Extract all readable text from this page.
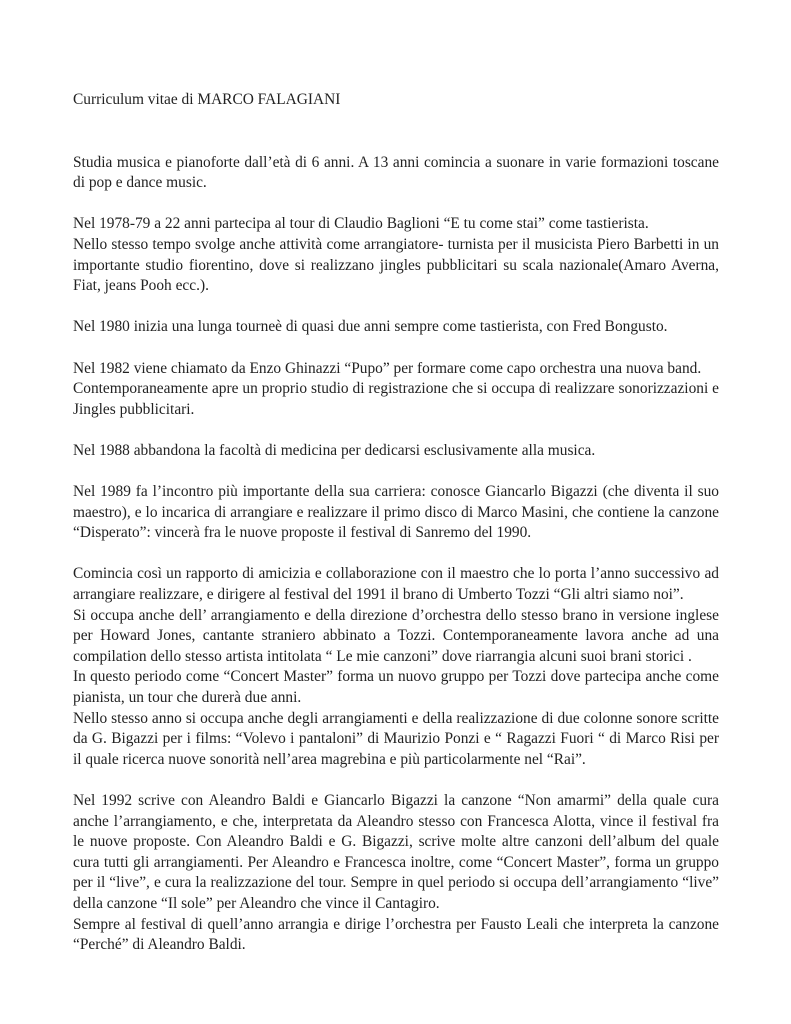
Curriculum vitae di MARCO FALAGIANI
Studia musica e pianoforte dall’età di 6 anni. A 13 anni comincia a suonare in varie formazioni toscane di pop e dance music.
Nel 1978-79 a 22 anni partecipa al tour di Claudio Baglioni “E tu come stai” come tastierista.
Nello stesso tempo svolge anche attività come arrangiatore- turnista per il musicista Piero Barbetti in un importante studio fiorentino, dove si realizzano jingles pubblicitari su scala nazionale(Amaro Averna, Fiat, jeans Pooh ecc.).
Nel 1980 inizia una lunga tourneè di quasi due anni sempre come tastierista, con Fred Bongusto.
Nel 1982 viene chiamato da Enzo Ghinazzi “Pupo” per formare come capo orchestra una nuova band.
Contemporaneamente apre un proprio studio di registrazione che si occupa di realizzare sonorizzazioni e Jingles pubblicitari.
Nel 1988 abbandona la facoltà di medicina per dedicarsi esclusivamente alla musica.
Nel 1989 fa l’incontro più importante della sua carriera: conosce Giancarlo Bigazzi (che diventa il suo maestro), e lo incarica di arrangiare e realizzare il primo disco di Marco Masini, che contiene la canzone “Disperato”: vincerà fra le nuove proposte il festival di Sanremo del 1990.
Comincia così un rapporto di amicizia e collaborazione con il maestro che lo porta l’anno successivo ad arrangiare realizzare, e dirigere al festival del 1991 il brano di Umberto Tozzi “Gli altri siamo noi”.
Si occupa anche dell’ arrangiamento e della direzione d’orchestra dello stesso brano in versione inglese per Howard Jones, cantante straniero abbinato a Tozzi. Contemporaneamente lavora anche ad una compilation dello stesso artista intitolata “ Le mie canzoni” dove riarrangia alcuni suoi brani storici .
In questo periodo come “Concert Master” forma un nuovo gruppo per Tozzi dove partecipa anche come pianista, un tour che durerà due anni.
Nello stesso anno si occupa anche degli arrangiamenti e della realizzazione di due colonne sonore scritte da G. Bigazzi per i films: “Volevo i pantaloni” di Maurizio Ponzi e “ Ragazzi Fuori “ di Marco Risi per il quale ricerca nuove sonorità nell’area magrebina e più particolarmente nel “Rai”.
Nel 1992 scrive con Aleandro Baldi e Giancarlo Bigazzi la canzone “Non amarmi” della quale cura anche l’arrangiamento, e che, interpretata da Aleandro stesso con Francesca Alotta, vince il festival fra le nuove proposte. Con Aleandro Baldi e G. Bigazzi, scrive molte altre canzoni dell’album del quale cura tutti gli arrangiamenti. Per Aleandro e Francesca inoltre, come “Concert Master”, forma un gruppo per il “live”, e cura la realizzazione del tour. Sempre in quel periodo si occupa dell’arrangiamento “live” della canzone “Il sole” per Aleandro che vince il Cantagiro.
Sempre al festival di quell’anno arrangia e dirige l’orchestra per Fausto Leali che interpreta la canzone “Perché” di Aleandro Baldi.
